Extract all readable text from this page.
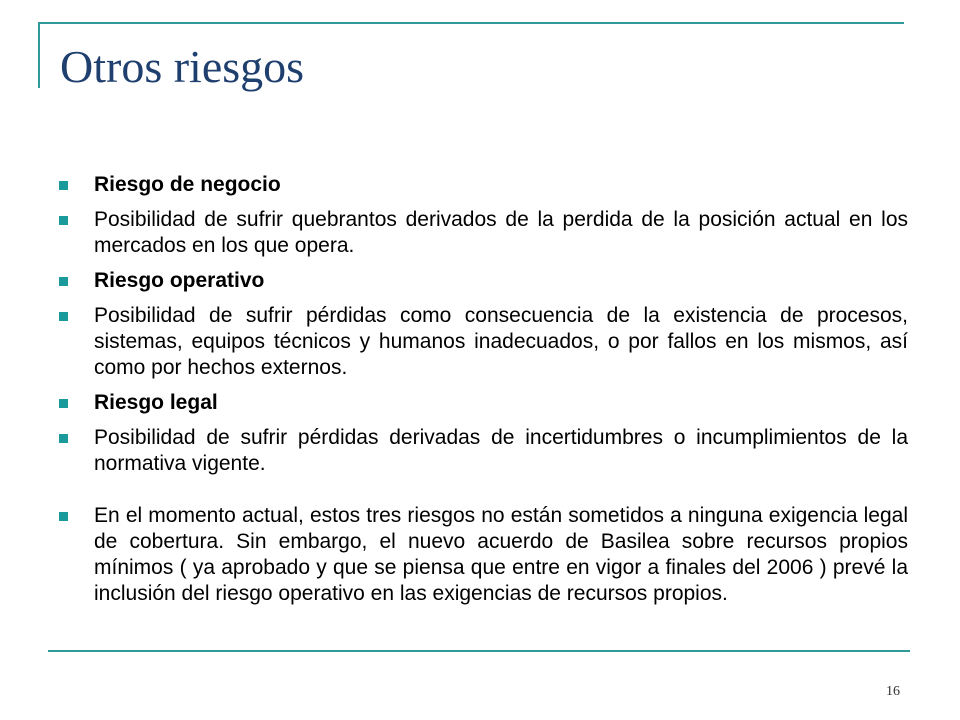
Otros riesgos
Riesgo de negocio
Posibilidad de sufrir quebrantos derivados de la perdida de la posición actual en los mercados en los que opera.
Riesgo operativo
Posibilidad de sufrir pérdidas como consecuencia de la existencia de procesos, sistemas, equipos técnicos y humanos inadecuados, o por fallos en los mismos, así como por hechos externos.
Riesgo legal
Posibilidad de sufrir pérdidas derivadas de incertidumbres o incumplimientos de la normativa vigente.
En el momento actual, estos tres riesgos no están sometidos a ninguna exigencia legal de cobertura. Sin embargo, el nuevo acuerdo de Basilea sobre recursos propios mínimos ( ya aprobado y que se piensa que entre en vigor a finales del 2006 ) prevé la inclusión del riesgo operativo en las exigencias de recursos propios.
16
